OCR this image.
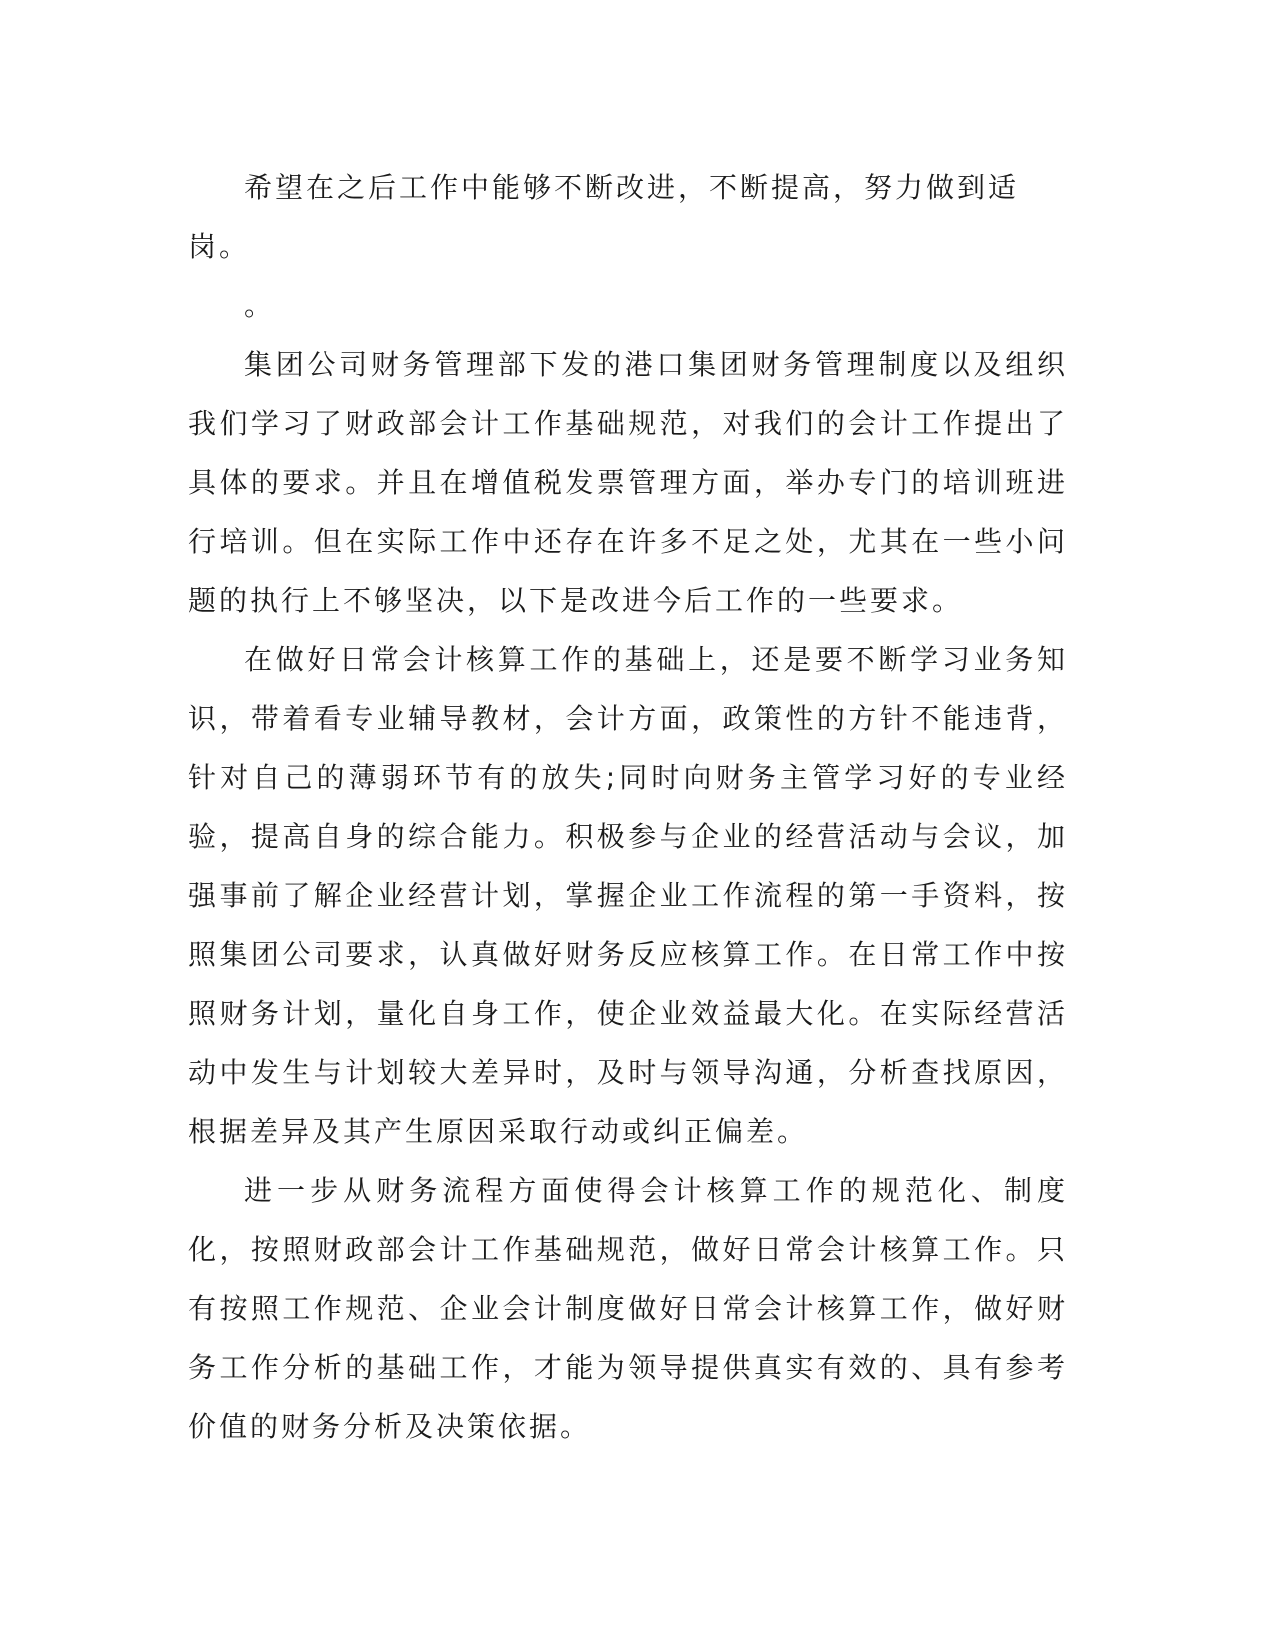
希望在之后工作中能够不断改进，不断提高，努力做到适岗。

。

集团公司财务管理部下发的港口集团财务管理制度以及组织我们学习了财政部会计工作基础规范，对我们的会计工作提出了具体的要求。并且在增值税发票管理方面，举办专门的培训班进行培训。但在实际工作中还存在许多不足之处，尤其在一些小问题的执行上不够坚决，以下是改进今后工作的一些要求。

在做好日常会计核算工作的基础上，还是要不断学习业务知识，带着看专业辅导教材，会计方面，政策性的方针不能违背，针对自己的薄弱环节有的放失;同时向财务主管学习好的专业经验，提高自身的综合能力。积极参与企业的经营活动与会议，加强事前了解企业经营计划，掌握企业工作流程的第一手资料，按照集团公司要求，认真做好财务反应核算工作。在日常工作中按照财务计划，量化自身工作，使企业效益最大化。在实际经营活动中发生与计划较大差异时，及时与领导沟通，分析查找原因，根据差异及其产生原因采取行动或纠正偏差。

进一步从财务流程方面使得会计核算工作的规范化、制度化，按照财政部会计工作基础规范，做好日常会计核算工作。只有按照工作规范、企业会计制度做好日常会计核算工作，做好财务工作分析的基础工作，才能为领导提供真实有效的、具有参考价值的财务分析及决策依据。
